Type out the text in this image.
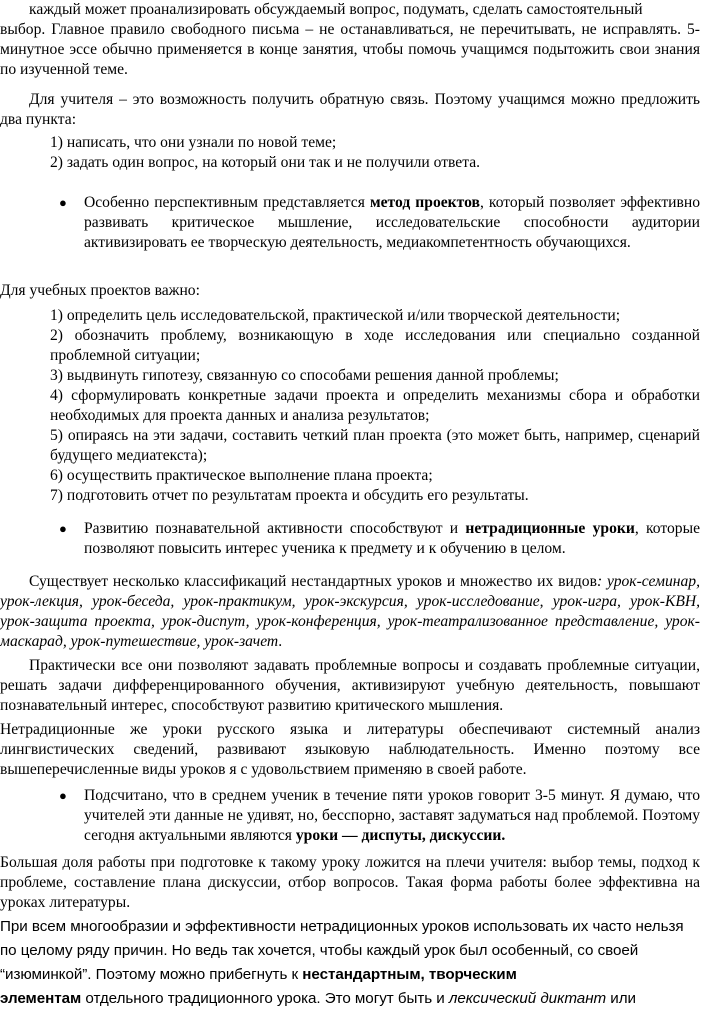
каждый может проанализировать обсуждаемый вопрос, подумать, сделать самостоятельный

выбор. Главное правило свободного письма – не останавливаться, не перечитывать, не исправлять. 5-минутное эссе обычно применяется в конце занятия, чтобы помочь учащимся подытожить свои знания по изученной теме.

Для учителя – это возможность получить обратную связь. Поэтому учащимся можно предложить два пункта:

1) написать, что они узнали по новой теме;

2) задать один вопрос, на который они так и не получили ответа.

● Особенно перспективным представляется метод проектов, который позволяет эффективно развивать критическое мышление, исследовательские способности аудитории активизировать ее творческую деятельность, медиакомпетентность обучающихся.

Для учебных проектов важно:

1) определить цель исследовательской, практической и/или творческой деятельности;

2) обозначить проблему, возникающую в ходе исследования или специально созданной проблемной ситуации;

3) выдвинуть гипотезу, связанную со способами решения данной проблемы;

4) сформулировать конкретные задачи проекта и определить механизмы сбора и обработки необходимых для проекта данных и анализа результатов;

5) опираясь на эти задачи, составить четкий план проекта (это может быть, например, сценарий будущего медиатекста);

6) осуществить практическое выполнение плана проекта;

7) подготовить отчет по результатам проекта и обсудить его результаты.

● Развитию познавательной активности способствуют и нетрадиционные уроки, которые позволяют повысить интерес ученика к предмету и к обучению в целом.

Существует несколько классификаций нестандартных уроков и множество их видов: урок-семинар, урок-лекция, урок-беседа, урок-практикум, урок-экскурсия, урок-исследование, урок-игра, урок-КВН, урок-защита проекта, урок-диспут, урок-конференция, урок-театрализованное представление, урок-маскарад, урок-путешествие, урок-зачет.

Практически все они позволяют задавать проблемные вопросы и создавать проблемные ситуации, решать задачи дифференцированного обучения, активизируют учебную деятельность, повышают познавательный интерес, способствуют развитию критического мышления.

Нетрадиционные же уроки русского языка и литературы обеспечивают системный анализ лингвистических сведений, развивают языковую наблюдательность. Именно поэтому все вышеперечисленные виды уроков я с удовольствием применяю в своей работе.

● Подсчитано, что в среднем ученик в течение пяти уроков говорит 3-5 минут. Я думаю, что учителей эти данные не удивят, но, бесспорно, заставят задуматься над проблемой. Поэтому сегодня актуальными являются уроки — диспуты, дискуссии.

Большая доля работы при подготовке к такому уроку ложится на плечи учителя: выбор темы, подход к проблеме, составление плана дискуссии, отбор вопросов. Такая форма работы более эффективна на уроках литературы.

При всем многообразии и эффективности нетрадиционных уроков использовать их часто нельзя по целому ряду причин. Но ведь так хочется, чтобы каждый урок был особенный, со своей “изюминкой”. Поэтому можно прибегнуть к нестандартным, творческим
элементам отдельного традиционного урока. Это могут быть и лексический диктант или
